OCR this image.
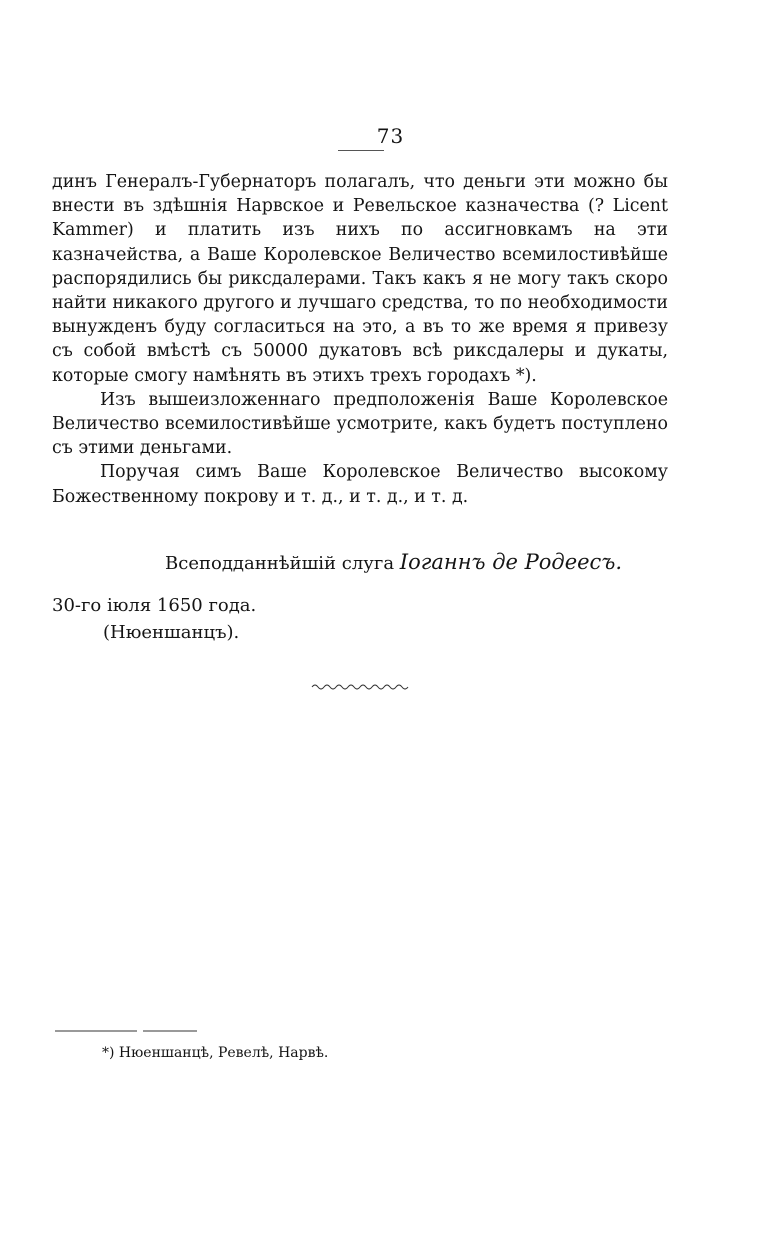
73

динъ Генералъ-Губернаторъ полагалъ, что деньги эти можно бы внести въ здѣшнія Нарвское и Ревельское казначества (? Licent Kammer) и платить изъ нихъ по ассигновкамъ на эти казначейства, а Ваше Королевское Величество всемилостивѣйше распорядились бы риксдалерами. Такъ какъ я не могу такъ скоро найти никакого другого и лучшаго средства, то по необходимости вынужденъ буду согласиться на это, а въ то же время я привезу съ собой вмѣстѣ съ 50000 дукатовъ всѣ риксдалеры и дукаты, которые смогу намѣнять въ этихъ трехъ городахъ *).

Изъ вышеизложеннаго предположенія Ваше Королевское Величество всемилостивѣйше усмотрите, какъ будетъ поступлено съ этими деньгами.

Поручая симъ Ваше Королевское Величество высокому Божественному покрову и т. д., и т. д., и т. д.

Всеподданнѣйшій слуга Іоганнъ де Родеесъ.
30-го іюля 1650 года.
(Нюеншанцъ).
*) Нюеншанцѣ, Ревелѣ, Нарвѣ.
